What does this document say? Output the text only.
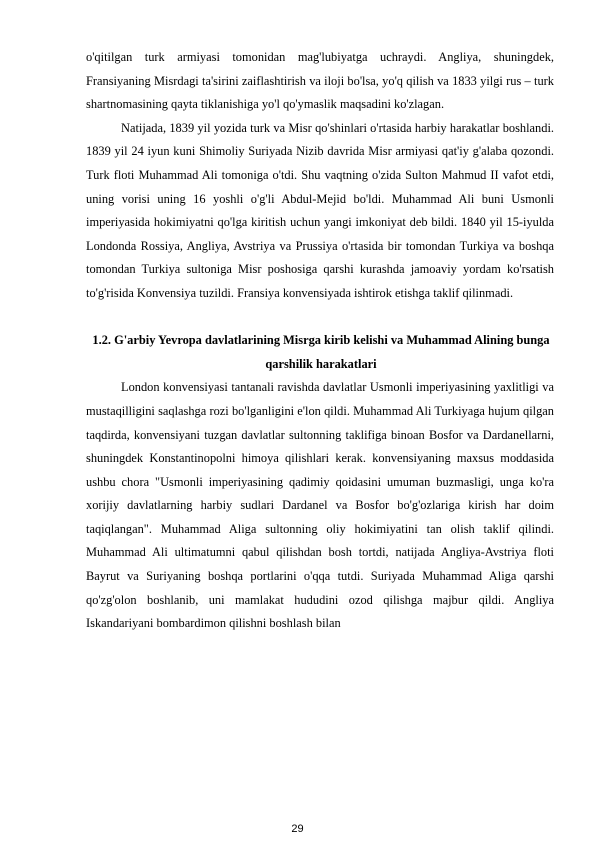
o'qitilgan turk armiyasi tomonidan mag'lubiyatga uchraydi. Angliya, shuningdek, Fransiyaning Misrdagi ta'sirini zaiflashtirish va iloji bo'lsa, yo'q qilish va 1833 yilgi rus – turk shartnomasining qayta tiklanishiga yo'l qo'ymaslik maqsadini ko'zlagan.

Natijada, 1839 yil yozida turk va Misr qo'shinlari o'rtasida harbiy harakatlar boshlandi. 1839 yil 24 iyun kuni Shimoliy Suriyada Nizib davrida Misr armiyasi qat'iy g'alaba qozondi. Turk floti Muhammad Ali tomoniga o'tdi. Shu vaqtning o'zida Sulton Mahmud II vafot etdi, uning vorisi uning 16 yoshli o'g'li Abdul-Mejid bo'ldi. Muhammad Ali buni Usmonli imperiyasida hokimiyatni qo'lga kiritish uchun yangi imkoniyat deb bildi. 1840 yil 15-iyulda Londonda Rossiya, Angliya, Avstriya va Prussiya o'rtasida bir tomondan Turkiya va boshqa tomondan Turkiya sultoniga Misr poshosiga qarshi kurashda jamoaviy yordam ko'rsatish to'g'risida Konvensiya tuzildi. Fransiya konvensiyada ishtirok etishga taklif qilinmadi.

1.2. G'arbiy Yevropa davlatlarining Misrga kirib kelishi va Muhammad Alining bunga qarshilik harakatlari

London konvensiyasi tantanali ravishda davlatlar Usmonli imperiyasining yaxlitligi va mustaqilligini saqlashga rozi bo'lganligini e'lon qildi. Muhammad Ali Turkiyaga hujum qilgan taqdirda, konvensiyani tuzgan davlatlar sultonning taklifiga binoan Bosfor va Dardanellarni, shuningdek Konstantinopolni himoya qilishlari kerak. konvensiyaning maxsus moddasida ushbu chora "Usmonli imperiyasining qadimiy qoidasini umuman buzmasligi, unga ko'ra xorijiy davlatlarning harbiy sudlari Dardanel va Bosfor bo'g'ozlariga kirish har doim taqiqlangan". Muhammad Aliga sultonning oliy hokimiyatini tan olish taklif qilindi. Muhammad Ali ultimatumni qabul qilishdan bosh tortdi, natijada Angliya-Avstriya floti Bayrut va Suriyaning boshqa portlarini o'qqa tutdi. Suriyada Muhammad Aliga qarshi qo'zg'olon boshlanib, uni mamlakat hududini ozod qilishga majbur qildi. Angliya Iskandariyani bombardimon qilishni boshlash bilan

29
